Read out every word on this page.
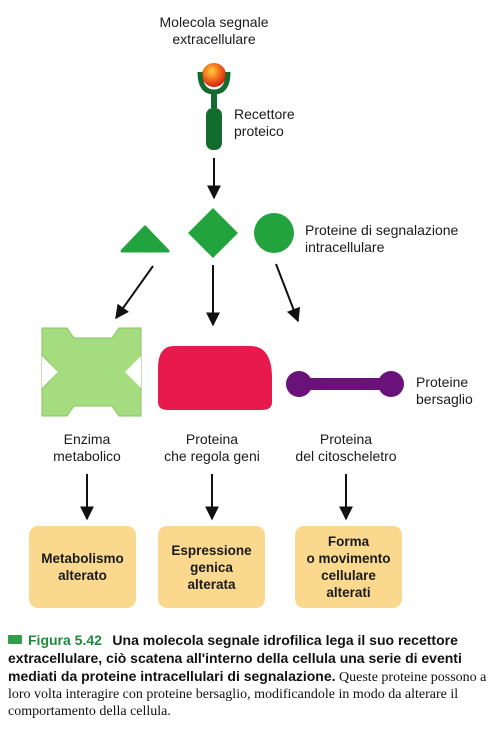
Molecola segnale
extracellulare
Recettore
proteico
Proteine di segnalazione
intracellulare
Proteine
bersaglio
Enzima
metabolico
Proteina
che regola geni
Proteina
del citoscheletro
Metabolismo
alterato
Espressione
genica
alterata
Forma
o movimento
cellulare
alterati
Figura 5.42 Una molecola segnale idrofilica lega il suo recettore extracellulare, ciò scatena all'interno della cellula una serie di eventi mediati da proteine intracellulari di segnalazione. Queste proteine possono a loro volta interagire con proteine bersaglio, modificandole in modo da alterare il comportamento della cellula.
